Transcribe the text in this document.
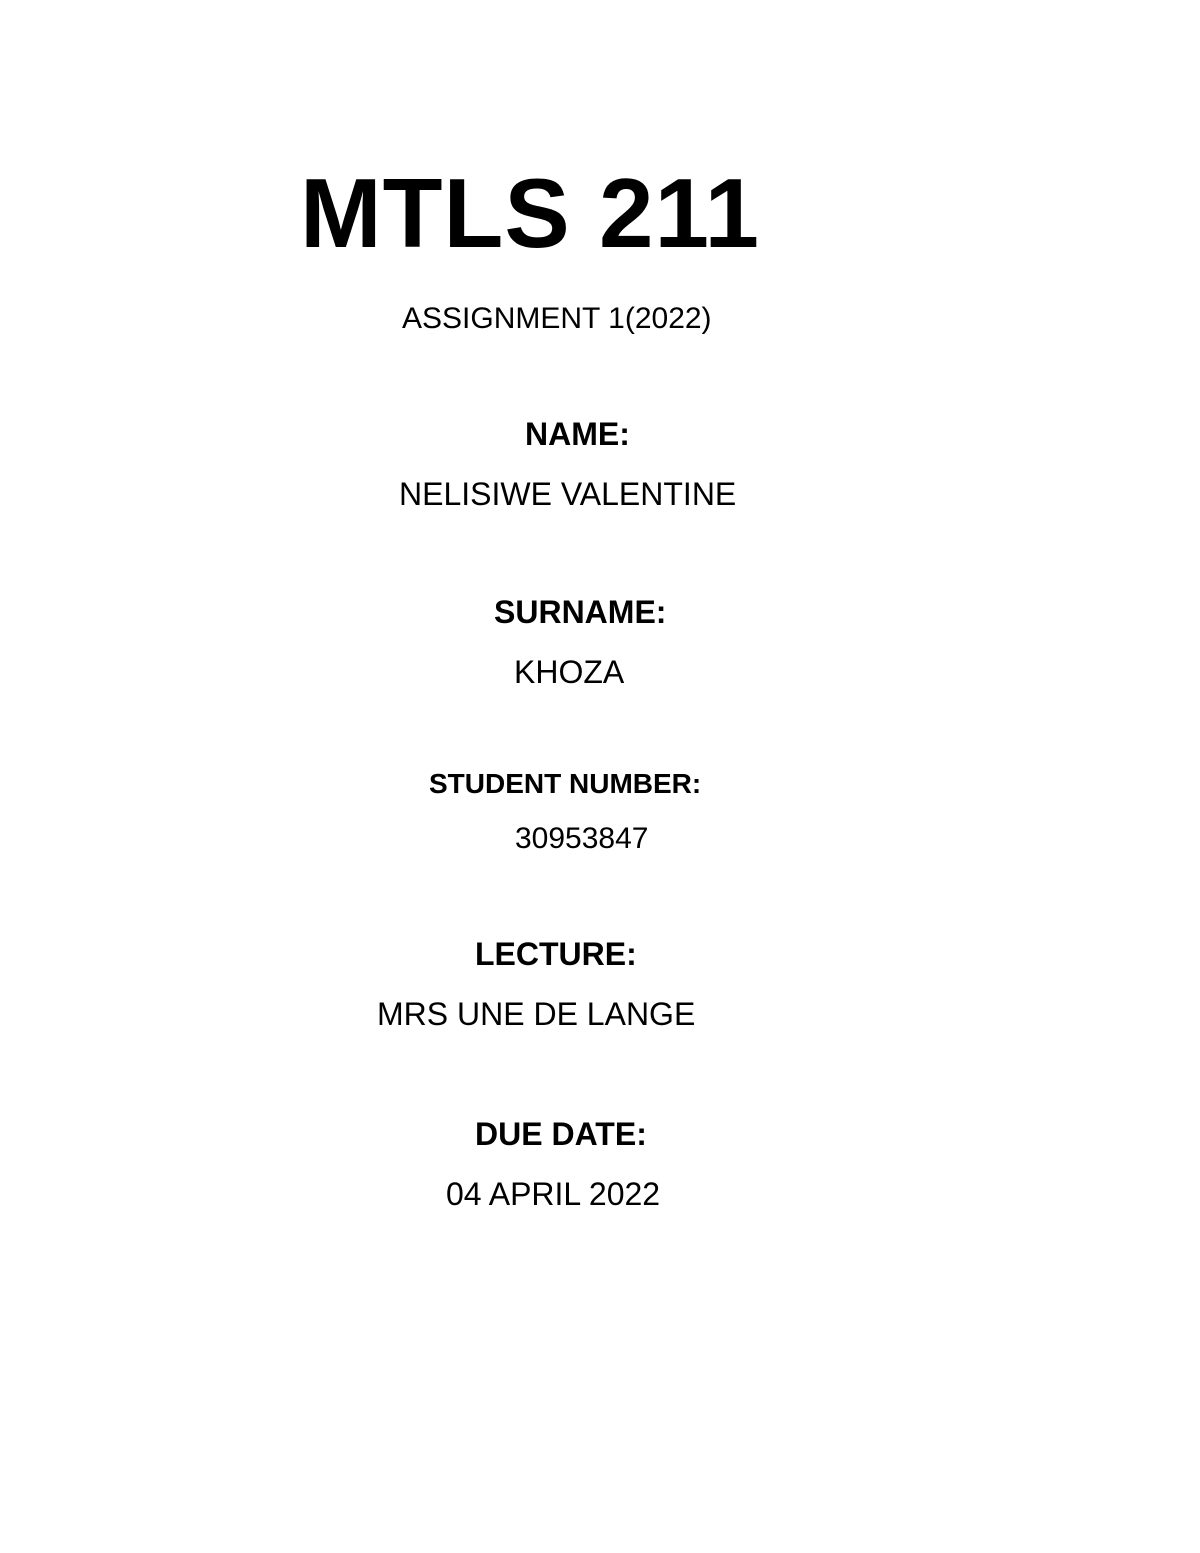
MTLS 211
ASSIGNMENT 1(2022)
NAME:
NELISIWE VALENTINE
SURNAME:
KHOZA
STUDENT NUMBER:
30953847
LECTURE:
MRS UNE DE LANGE
DUE DATE:
04 APRIL 2022
